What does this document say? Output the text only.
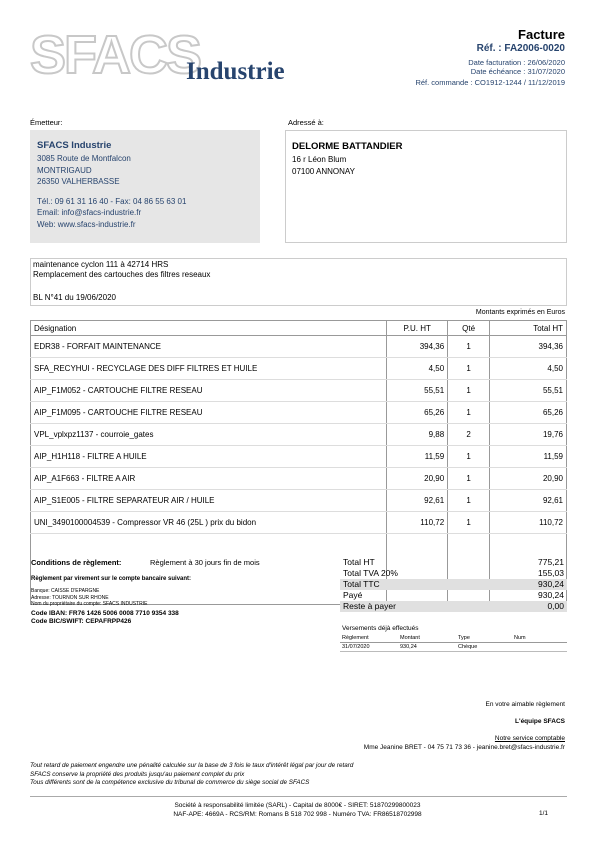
SFACS
Industrie
Facture
Réf. : FA2006-0020
Date facturation : 26/06/2020
Date échéance : 31/07/2020
Réf. commande : CO1912-1244 / 11/12/2019
Émetteur:
SFACS Industrie
3085 Route de Montfalcon
MONTRIGAUD
26350 VALHERBASSE
Tél.: 09 61 31 16 40 - Fax: 04 86 55 63 01
Email: info@sfacs-industrie.fr
Web: www.sfacs-industrie.fr
Adressé à:
DELORME BATTANDIER
16 r Léon Blum
07100 ANNONAY
maintenance cyclon 111 à 42714 HRS
Remplacement des cartouches des filtres reseaux
BL N°41 du 19/06/2020
Montants exprimés en Euros
Désignation	P.U. HT	Qté	Total HT
EDR38 - FORFAIT MAINTENANCE	394,36	1	394,36
SFA_RECYHUI - RECYCLAGE DES DIFF FILTRES ET HUILE	4,50	1	4,50
AIP_F1M052 - CARTOUCHE FILTRE RESEAU	55,51	1	55,51
AIP_F1M095 - CARTOUCHE FILTRE RESEAU	65,26	1	65,26
VPL_vplxpz1137 - courroie_gates	9,88	2	19,76
AIP_H1H118 - FILTRE A HUILE	11,59	1	11,59
AIP_A1F663 - FILTRE A AIR	20,90	1	20,90
AIP_S1E005 - FILTRE SEPARATEUR AIR / HUILE	92,61	1	92,61
UNI_3490100004539 - Compressor VR 46 (25L ) prix du bidon	110,72	1	110,72

Conditions de règlement:	Règlement à 30 jours fin de mois
Règlement par virement sur le compte bancaire suivant:
Banque: CAISSE D'EPARGNE
Adresse: TOURNON SUR RHONE
Nom du propriétaire du compte: SFACS INDUSTRIE
Code IBAN: FR76 1426 5006 0008 7710 9354 338
Code BIC/SWIFT: CEPAFRPP426
Total HT	775,21
Total TVA 20%	155,03
Total TTC	930,24
Payé	930,24
Reste à payer	0,00
Versements déjà effectués
Règlement	Montant	Type	Num
31/07/2020	930,24	Chèque	
En votre aimable règlement
L'équipe SFACS
Notre service comptable
Mme Jeanine BRET - 04 75 71 73 36 - jeanine.bret@sfacs-industrie.fr
Tout retard de paiement engendre une pénalité calculée sur la base de 3 fois le taux d'intérêt légal par jour de retard
SFACS conserve la propriété des produits jusqu'au paiement complet du prix
Tous différents sont de la compétence exclusive du tribunal de commerce du siège social de SFACS
Société à responsabilité limitée (SARL) - Capital de 8000€ - SIRET: 51870299800023
NAF-APE: 4669A - RCS/RM: Romans B 518 702 998 - Numéro TVA: FR86518702998	1/1
